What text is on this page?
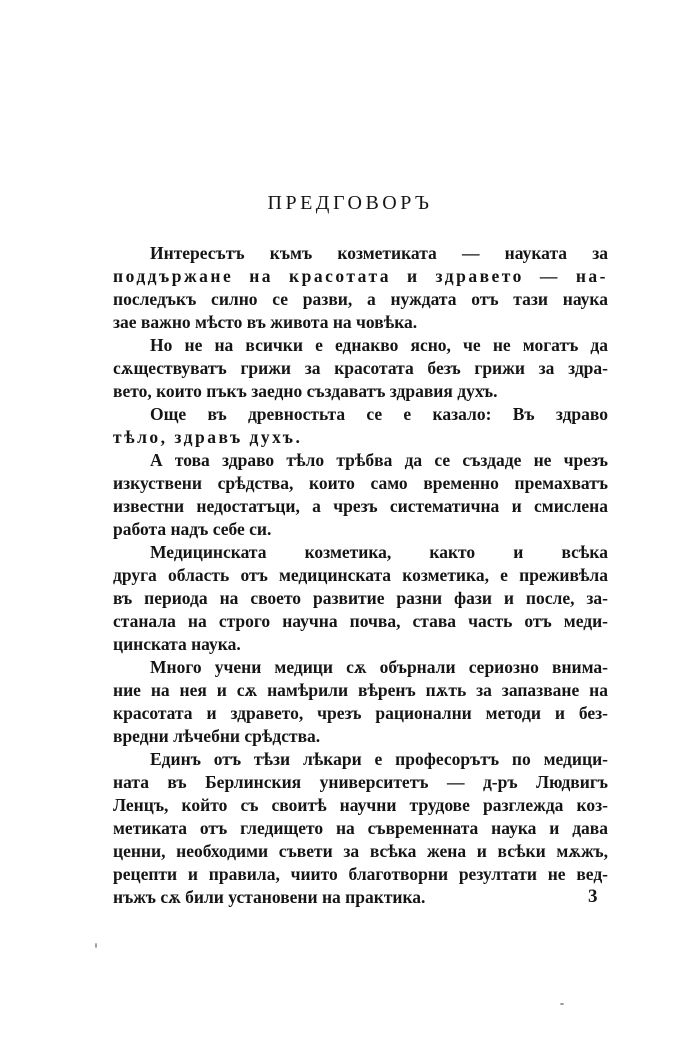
ПРЕДГОВОРЪ
Интересътъ къмъ козметиката — науката за
поддържане на красотата и здравето — на-
последъкъ силно се разви, а нуждата отъ тази наука
зае важно мѣсто въ живота на човѣка.
Но не на всички е еднакво ясно, че не могатъ да
сѫществуватъ грижи за красотата безъ грижи за здра-
вето, които пъкъ заедно създаватъ здравия духъ.
Още въ древностьта се е казало: Въ здраво
тѣло, здравъ духъ.
А това здраво тѣло трѣбва да се създаде не чрезъ
изкуствени срѣдства, които само временно премахватъ
известни недостатъци, а чрезъ систематична и смислена
работа надъ себе си.
Медицинската козметика, както и всѣка
друга область отъ медицинската козметика, е преживѣла
въ периода на своето развитие разни фази и после, за-
станала на строго научна почва, става часть отъ меди-
цинската наука.
Много учени медици сѫ обърнали сериозно внима-
ние на нея и сѫ намѣрили вѣренъ пѫть за запазване на
красотата и здравето, чрезъ рационални методи и без-
вредни лѣчебни срѣдства.
Единъ отъ тѣзи лѣкари е професорътъ по медици-
ната въ Берлинския университетъ — д-ръ Людвигъ
Ленцъ, който съ своитѣ научни трудове разглежда коз-
метиката отъ гледището на съвременната наука и дава
ценни, необходими съвети за всѣка жена и всѣки мѫжъ,
рецепти и правила, чиито благотворни резултати не вед-
нъжъ сѫ били установени на практика.	3
